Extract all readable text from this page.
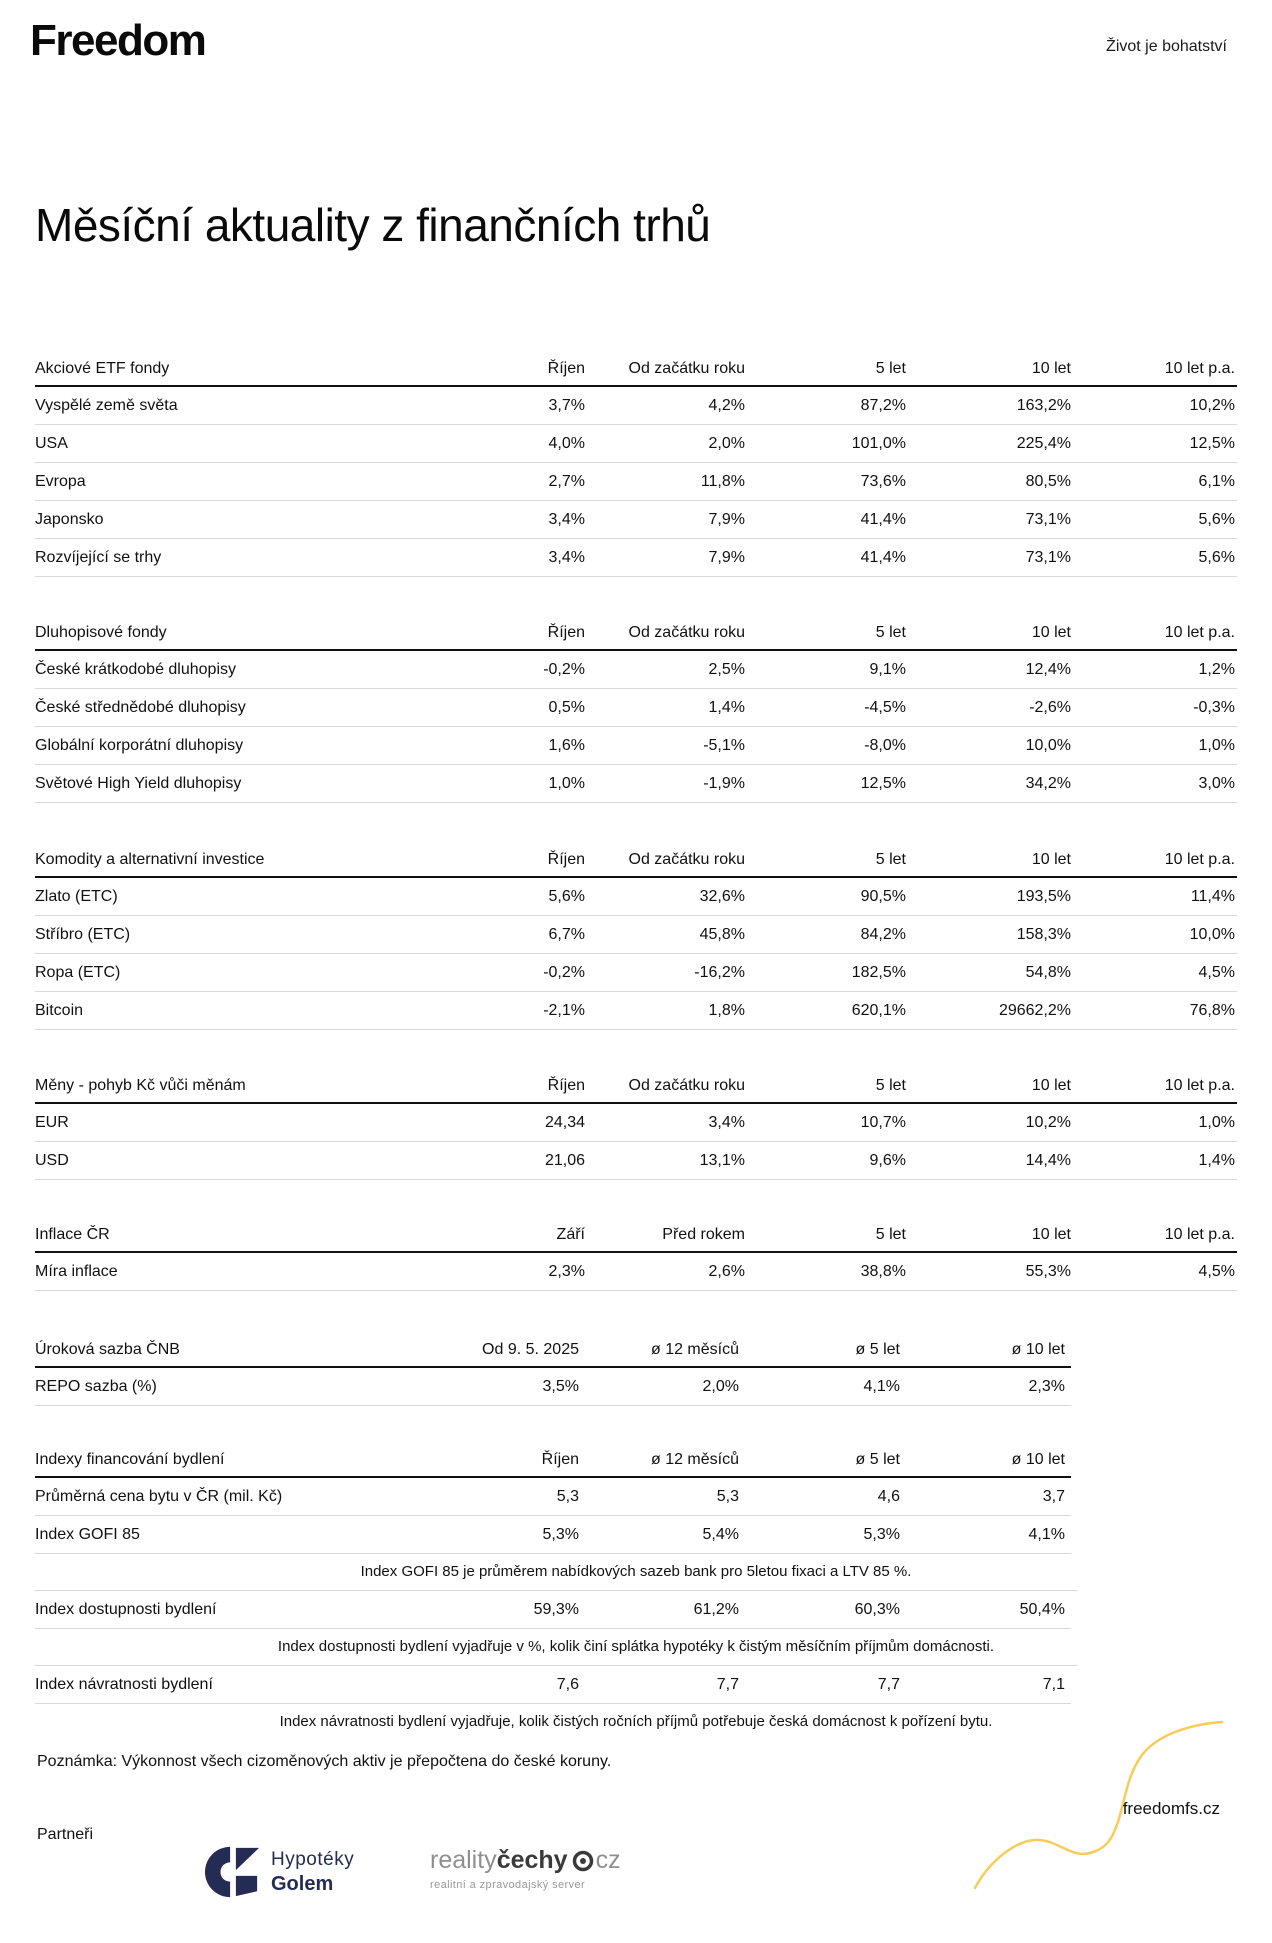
Freedom	Život je bohatství
Měsíční aktuality z finančních trhů
Akciové ETF fondy	Říjen	Od začátku roku	5 let	10 let	10 let p.a.
Vyspělé země světa	3,7%	4,2%	87,2%	163,2%	10,2%
USA	4,0%	2,0%	101,0%	225,4%	12,5%
Evropa	2,7%	11,8%	73,6%	80,5%	6,1%
Japonsko	3,4%	7,9%	41,4%	73,1%	5,6%
Rozvíjející se trhy	3,4%	7,9%	41,4%	73,1%	5,6%
Dluhopisové fondy	Říjen	Od začátku roku	5 let	10 let	10 let p.a.
České krátkodobé dluhopisy	-0,2%	2,5%	9,1%	12,4%	1,2%
České střednědobé dluhopisy	0,5%	1,4%	-4,5%	-2,6%	-0,3%
Globální korporátní dluhopisy	1,6%	-5,1%	-8,0%	10,0%	1,0%
Světové High Yield dluhopisy	1,0%	-1,9%	12,5%	34,2%	3,0%
Komodity a alternativní investice	Říjen	Od začátku roku	5 let	10 let	10 let p.a.
Zlato (ETC)	5,6%	32,6%	90,5%	193,5%	11,4%
Stříbro (ETC)	6,7%	45,8%	84,2%	158,3%	10,0%
Ropa (ETC)	-0,2%	-16,2%	182,5%	54,8%	4,5%
Bitcoin	-2,1%	1,8%	620,1%	29662,2%	76,8%
Měny - pohyb Kč vůči měnám	Říjen	Od začátku roku	5 let	10 let	10 let p.a.
EUR	24,34	3,4%	10,7%	10,2%	1,0%
USD	21,06	13,1%	9,6%	14,4%	1,4%
Inflace ČR	Září	Před rokem	5 let	10 let	10 let p.a.
Míra inflace	2,3%	2,6%	38,8%	55,3%	4,5%
Úroková sazba ČNB	Od 9. 5. 2025	ø 12 měsíců	ø 5 let	ø 10 let
REPO sazba (%)	3,5%	2,0%	4,1%	2,3%
Indexy financování bydlení	Říjen	ø 12 měsíců	ø 5 let	ø 10 let
Průměrná cena bytu v ČR (mil. Kč)	5,3	5,3	4,6	3,7
Index GOFI 85	5,3%	5,4%	5,3%	4,1%
Index GOFI 85 je průměrem nabídkových sazeb bank pro 5letou fixaci a LTV 85 %.
Index dostupnosti bydlení	59,3%	61,2%	60,3%	50,4%
Index dostupnosti bydlení vyjadřuje v %, kolik činí splátka hypotéky k čistým měsíčním příjmům domácnosti.
Index návratnosti bydlení	7,6	7,7	7,7	7,1
Index návratnosti bydlení vyjadřuje, kolik čistých ročních příjmů potřebuje česká domácnost k pořízení bytu.
Poznámka: Výkonnost všech cizoměnových aktiv je přepočtena do české koruny.
freedomfs.cz
Partneři
Hypotéky
Golem
reality čechy cz
realitní a zpravodajský server
